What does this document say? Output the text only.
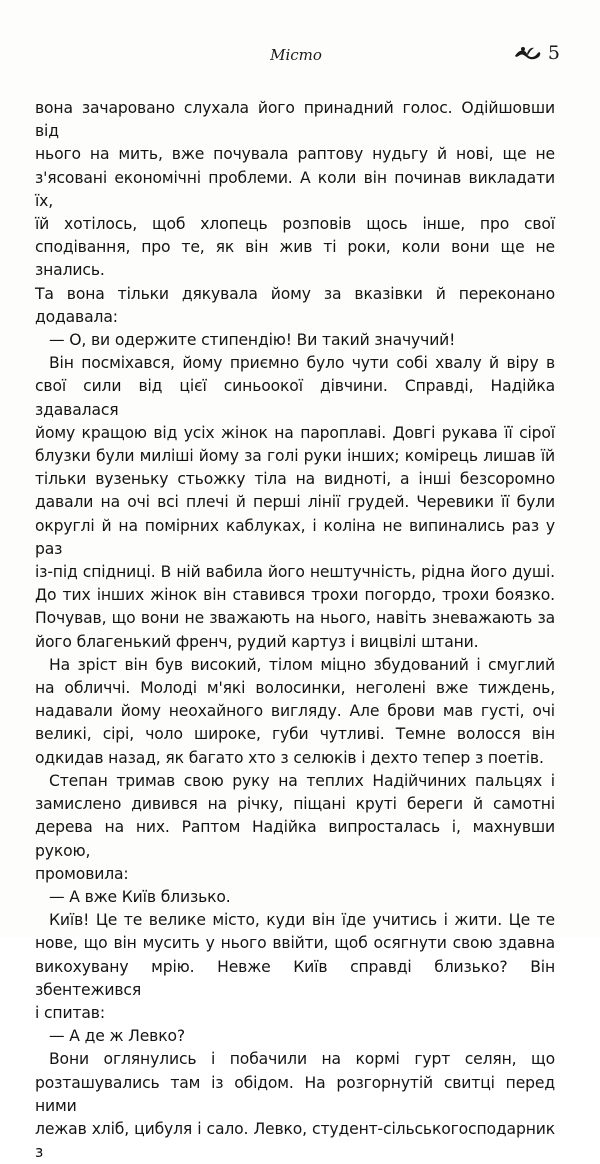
Місто	5

вона зачаровано слухала його принадний голос. Одійшовши від

нього на мить, вже почувала раптову нудьгу й нові, ще не

з'ясовані економічні проблеми. А коли він починав викладати їх,

їй хотілось, щоб хлопець розповів щось інше, про свої

сподівання, про те, як він жив ті роки, коли вони ще не знались.

Та вона тільки дякувала йому за вказівки й переконано

додавала:

— О, ви одержите стипендію! Ви такий значучий!

Він посміхався, йому приємно було чути собі хвалу й віру в

свої сили від цієї синьоокої дівчини. Справді, Надійка здавалася

йому кращою від усіх жінок на пароплаві. Довгі рукава її сірої

блузки були миліші йому за голі руки інших; комірець лишав їй

тільки вузеньку стьожку тіла на видноті, а інші безсоромно

давали на очі всі плечі й перші лінії грудей. Черевики її були

округлі й на помірних каблуках, і коліна не випинались раз у раз

із-під спідниці. В ній вабила його нештучність, рідна його душі.

До тих інших жінок він ставився трохи погордо, трохи боязко.

Почував, що вони не зважають на нього, навіть зневажають за

його благенький френч, рудий картуз і вицвілі штани.

На зріст він був високий, тілом міцно збудований і смуглий

на обличчі. Молоді м'які волосинки, неголені вже тиждень,

надавали йому неохайного вигляду. Але брови мав густі, очі

великі, сірі, чоло широке, губи чутливі. Темне волосся він

одкидав назад, як багато хто з селюків і дехто тепер з поетів.

Степан тримав свою руку на теплих Надійчиних пальцях і

замислено дивився на річку, піщані круті береги й самотні

дерева на них. Раптом Надійка випросталась і, махнувши рукою,

промовила:

— А вже Київ близько.

Київ! Це те велике місто, куди він їде учитись і жити. Це те

нове, що він мусить у нього ввійти, щоб осягнути свою здавна

викохувану мрію. Невже Київ справді близько? Він збентежився

і спитав:

— А де ж Левко?

Вони оглянулись і побачили на кормі гурт селян, що

розташувались там із обідом. На розгорнутій свитці перед ними

лежав хліб, цибуля і сало. Левко, студент-сільськогосподарник з
